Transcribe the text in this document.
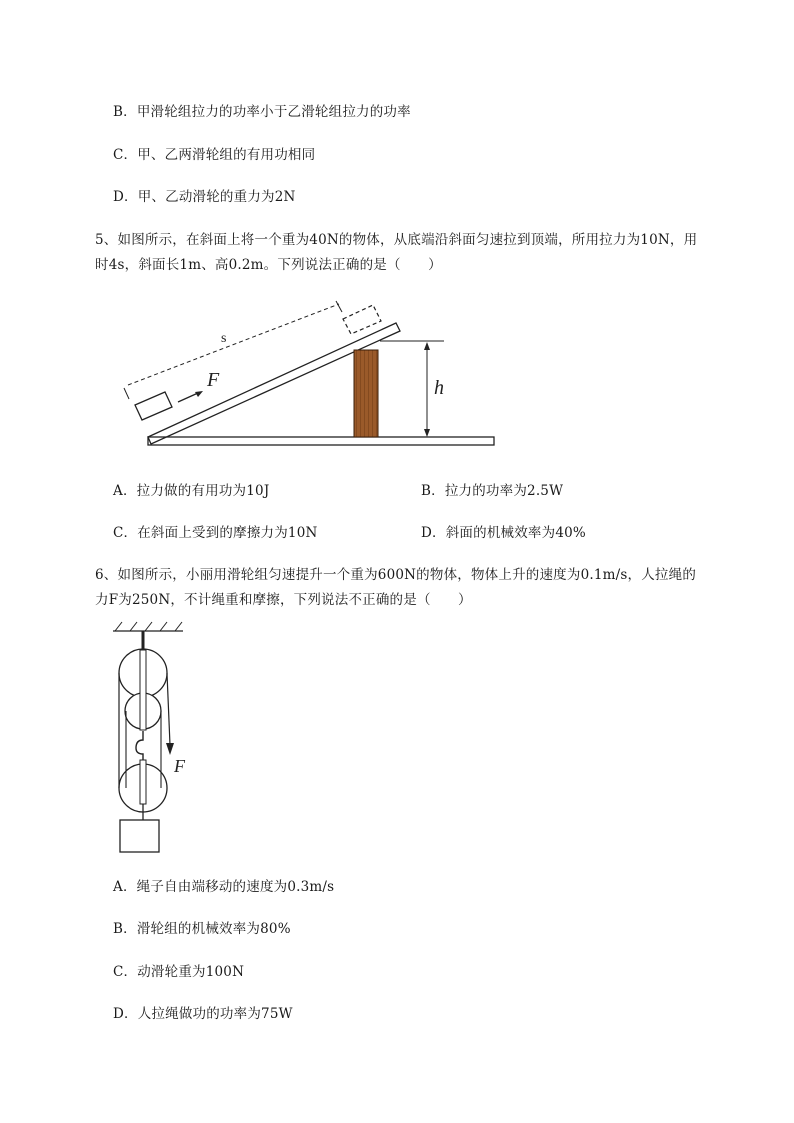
B．甲滑轮组拉力的功率小于乙滑轮组拉力的功率
C．甲、乙两滑轮组的有用功相同
D．甲、乙动滑轮的重力为2N
5、如图所示，在斜面上将一个重为40N的物体，从底端沿斜面匀速拉到顶端，所用拉力为10N，用
时4s，斜面长1m、高0.2m。下列说法正确的是（　　）
F
s
h
A．拉力做的有用功为10J	B．拉力的功率为2.5W
C．在斜面上受到的摩擦力为10N	D．斜面的机械效率为40%
6、如图所示，小丽用滑轮组匀速提升一个重为600N的物体，物体上升的速度为0.1m/s，人拉绳的
力F为250N，不计绳重和摩擦，下列说法不正确的是（　　）
F
A．绳子自由端移动的速度为0.3m/s
B．滑轮组的机械效率为80%
C．动滑轮重为100N
D．人拉绳做功的功率为75W
